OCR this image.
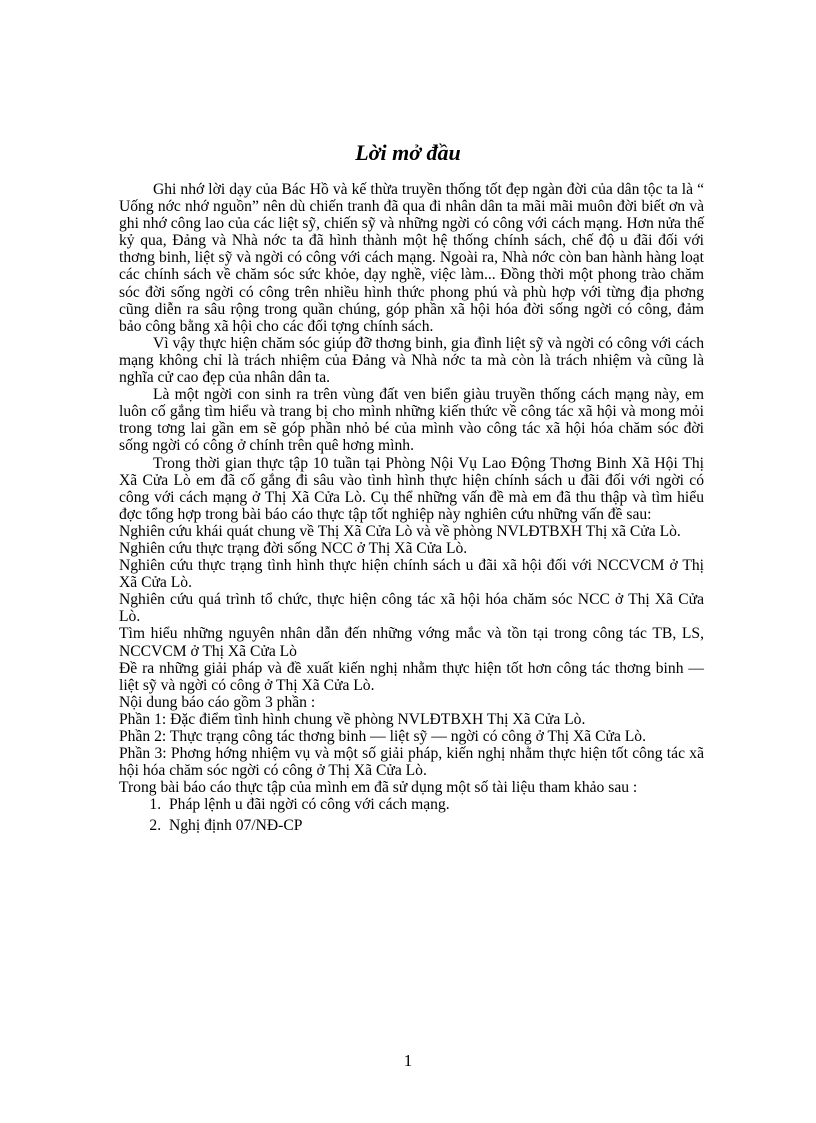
Lời mở đầu

Ghi nhớ lời dạy của Bác Hồ và kế thừa truyền thống tốt đẹp ngàn đời của dân tộc ta là “ Uống nớc nhớ nguồn” nên dù chiến tranh đã qua đi nhân dân ta mãi mãi muôn đời biết ơn và ghi nhớ công lao của các liệt sỹ, chiến sỹ và những ngời có công với cách mạng. Hơn nửa thế kỷ qua, Đảng và Nhà nớc ta đã hình thành một hệ thống chính sách, chế độ u đãi đối với thơng binh, liệt sỹ và ngời có công với cách mạng. Ngoài ra, Nhà nớc còn ban hành hàng loạt các chính sách về chăm sóc sức khỏe, dạy nghề, việc làm... Đồng thời một phong trào chăm sóc đời sống ngời có công trên nhiều hình thức phong phú và phù hợp với từng địa phơng cũng diễn ra sâu rộng trong quần chúng, góp phần xã hội hóa đời sống ngời có công, đảm bảo công bằng xã hội cho các đối tợng chính sách.

Vì vậy thực hiện chăm sóc giúp đỡ thơng binh, gia đình liệt sỹ và ngời có công với cách mạng không chỉ là trách nhiệm của Đảng và Nhà nớc ta mà còn là trách nhiệm và cũng là nghĩa cử cao đẹp của nhân dân ta.

Là một ngời con sinh ra trên vùng đất ven biển giàu truyền thống cách mạng này, em luôn cố gắng tìm hiểu và trang bị cho mình những kiến thức về công tác xã hội và mong mỏi trong tơng lai gần em sẽ góp phần nhỏ bé của mình vào công tác xã hội hóa chăm sóc đời sống ngời có công ở chính trên quê hơng mình.

Trong thời gian thực tập 10 tuần tại Phòng Nội Vụ Lao Động Thơng Binh Xã Hội Thị Xã Cửa Lò em đã cố gắng đi sâu vào tình hình thực hiện chính sách u đãi đối với ngời có công với cách mạng ở Thị Xã Cửa Lò. Cụ thể những vấn đề mà em đã thu thập và tìm hiểu đợc tổng hợp trong bài báo cáo thực tập tốt nghiệp này nghiên cứu những vấn đề sau:

Nghiên cứu khái quát chung về Thị Xã Cửa Lò và về phòng NVLĐTBXH Thị xã Cửa Lò.

Nghiên cứu thực trạng đời sống NCC ở Thị Xã Cửa Lò.

Nghiên cứu thực trạng tình hình thực hiện chính sách u đãi xã hội đối với NCCVCM ở Thị Xã Cửa Lò.

Nghiên cứu quá trình tổ chức, thực hiện công tác xã hội hóa chăm sóc NCC ở Thị Xã Cửa Lò.

Tìm hiểu những nguyên nhân dẫn đến những vớng mắc và tồn tại trong công tác TB, LS, NCCVCM ở Thị Xã Cửa Lò

Đề ra những giải pháp và đề xuất kiến nghị nhằm thực hiện tốt hơn công tác thơng binh — liệt sỹ và ngời có công ở Thị Xã Cửa Lò.

Nội dung báo cáo gồm 3 phần :

Phần 1: Đặc điểm tình hình chung về phòng NVLĐTBXH Thị Xã Cửa Lò.

Phần 2: Thực trạng công tác thơng binh — liệt sỹ — ngời có công ở Thị Xã Cửa Lò.

Phần 3: Phơng hớng nhiệm vụ và một số giải pháp, kiến nghị nhằm thực hiện tốt công tác xã hội hóa chăm sóc ngời có công ở Thị Xã Cửa Lò.

Trong bài báo cáo thực tập của mình em đã sử dụng một số tài liệu tham khảo sau :

1. Pháp lệnh u đãi ngời có công với cách mạng.
2. Nghị định 07/NĐ-CP
1
